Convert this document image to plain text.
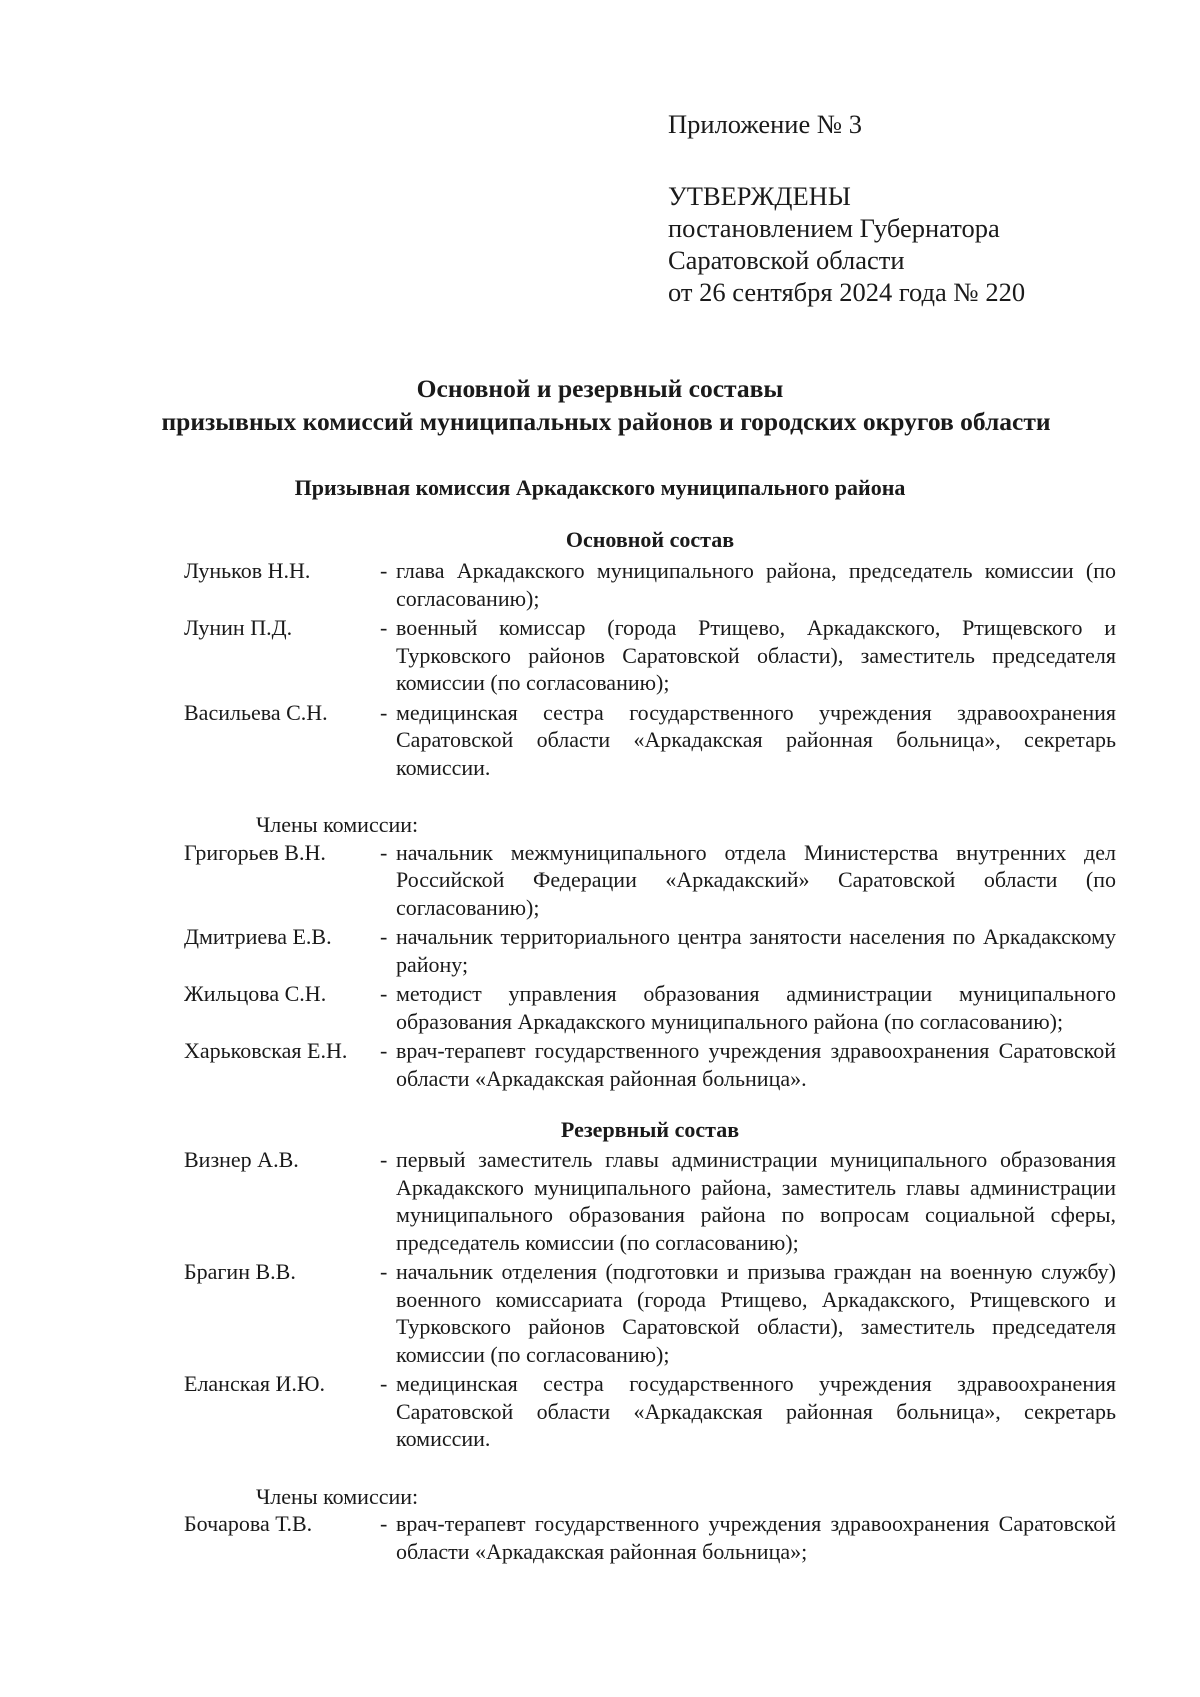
Приложение № 3
УТВЕРЖДЕНЫ
постановлением Губернатора
Саратовской области
от 26 сентября 2024 года № 220
Основной и резервный составы
призывных комиссий муниципальных районов и городских округов области
Призывная комиссия Аркадакского муниципального района
Основной состав
Луньков Н.Н.	- глава Аркадакского муниципального района, председатель комиссии (по согласованию);
Лунин П.Д.	- военный комиссар (города Ртищево, Аркадакского, Ртищевского и Турковского районов Саратовской области), заместитель председателя комиссии (по согласованию);
Васильева С.Н.	- медицинская сестра государственного учреждения здравоохранения Саратовской области «Аркадакская районная больница», секретарь комиссии.
Члены комиссии:
Григорьев В.Н.	- начальник межмуниципального отдела Министерства внутренних дел Российской Федерации «Аркадакский» Саратовской области (по согласованию);
Дмитриева Е.В.	- начальник территориального центра занятости населения по Аркадакскому району;
Жильцова С.Н.	- методист управления образования администрации муниципального образования Аркадакского муниципального района (по согласованию);
Харьковская Е.Н.	- врач-терапевт государственного учреждения здравоохранения Саратовской области «Аркадакская районная больница».
Резервный состав
Визнер А.В.	- первый заместитель главы администрации муниципального образования Аркадакского муниципального района, заместитель главы администрации муниципального образования района по вопросам социальной сферы, председатель комиссии (по согласованию);
Брагин В.В.	- начальник отделения (подготовки и призыва граждан на военную службу) военного комиссариата (города Ртищево, Аркадакского, Ртищевского и Турковского районов Саратовской области), заместитель председателя комиссии (по согласованию);
Еланская И.Ю.	- медицинская сестра государственного учреждения здравоохранения Саратовской области «Аркадакская районная больница», секретарь комиссии.
Члены комиссии:
Бочарова Т.В.	- врач-терапевт государственного учреждения здравоохранения Саратовской области «Аркадакская районная больница»;
